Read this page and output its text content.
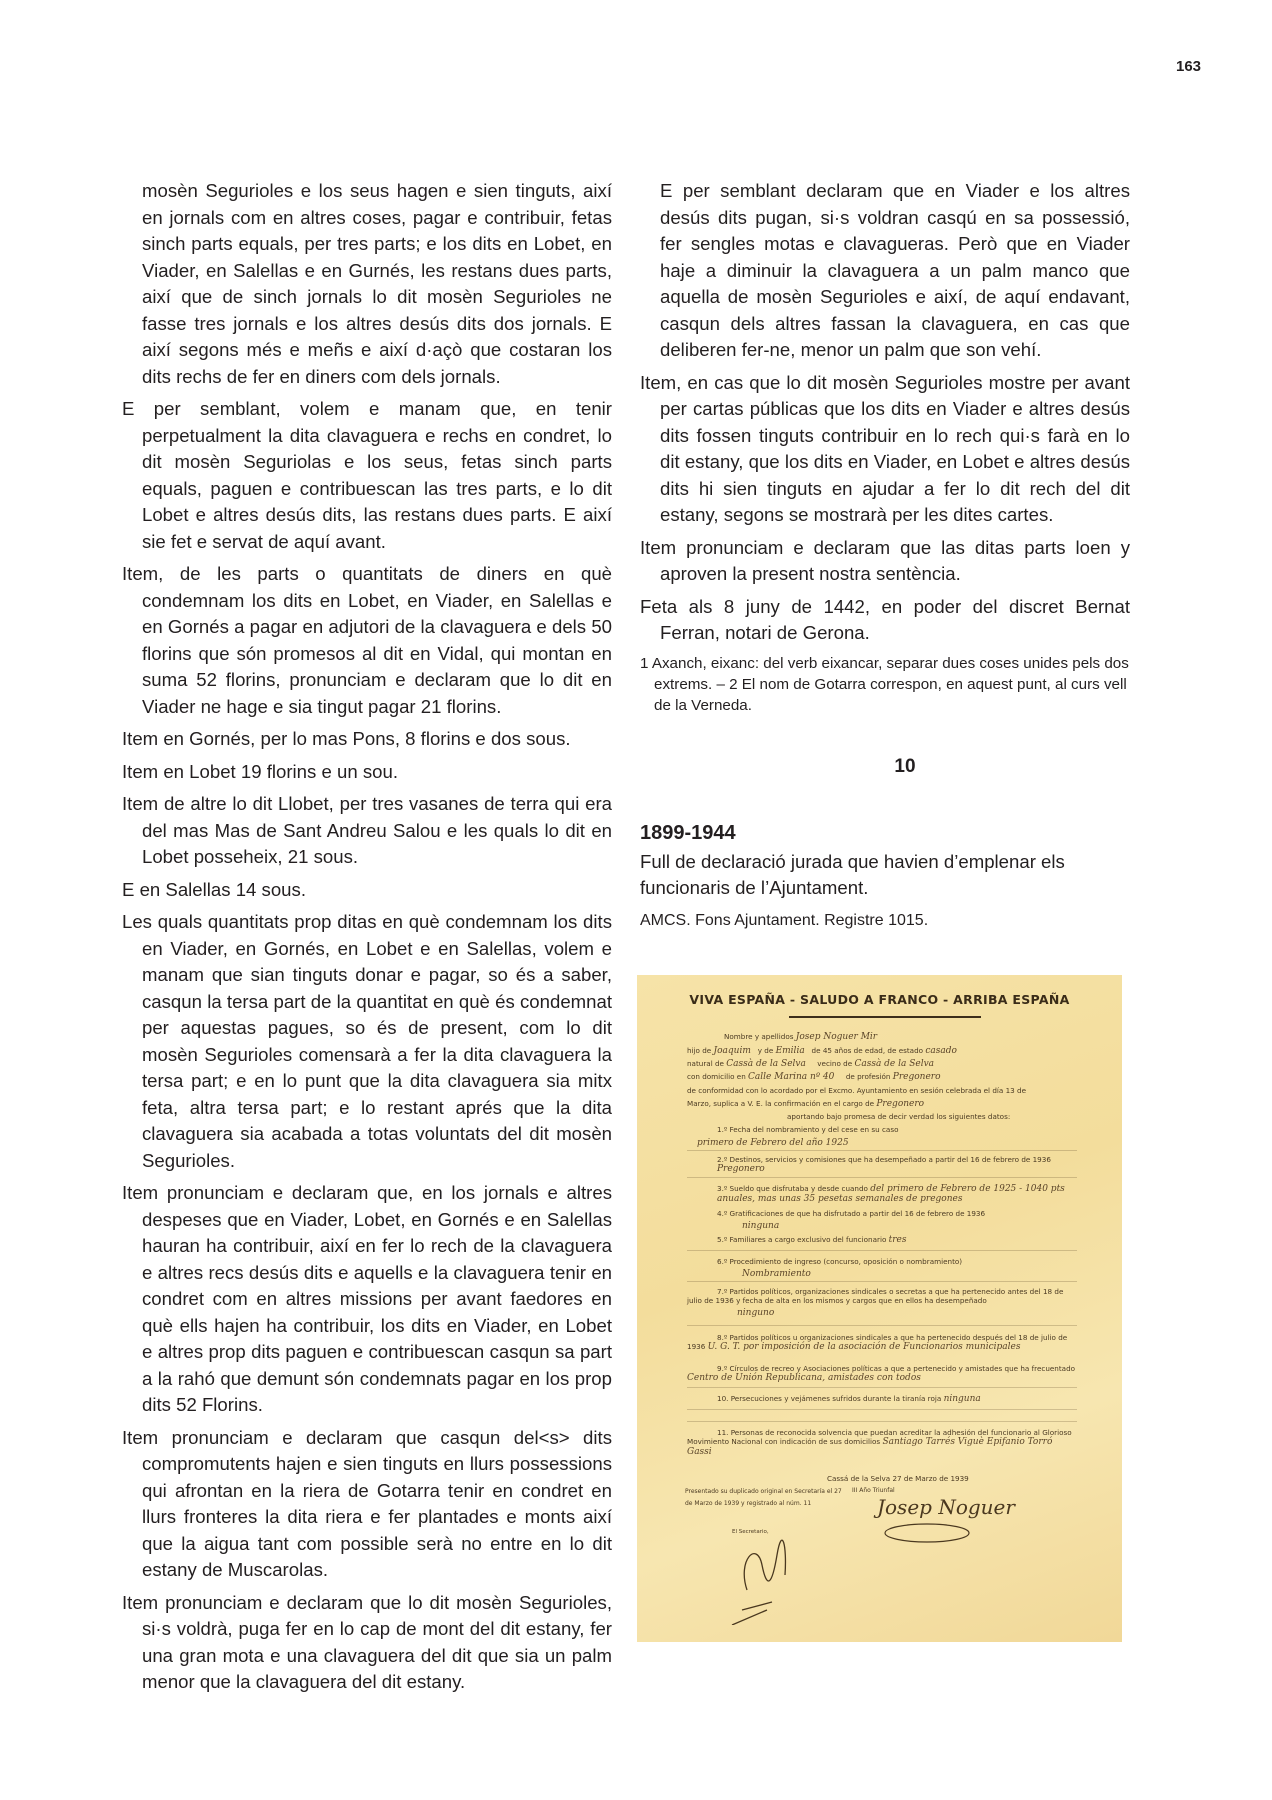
163

mosèn Segurioles e los seus hagen e sien tinguts, així en jornals com en altres coses, pagar e contribuir, fetas sinch parts equals, per tres parts; e los dits en Lobet, en Viader, en Salellas e en Gurnés, les restans dues parts, així que de sinch jornals lo dit mosèn Segurioles ne fasse tres jornals e los altres desús dits dos jornals. E així segons més e meñs e així d·açò que costaran los dits rechs de fer en diners com dels jornals.

E per semblant, volem e manam que, en tenir perpetualment la dita clavaguera e rechs en condret, lo dit mosèn Seguriolas e los seus, fetas sinch parts equals, paguen e contribuescan las tres parts, e lo dit Lobet e altres desús dits, las restans dues parts. E així sie fet e servat de aquí avant.

Item, de les parts o quantitats de diners en què condemnam los dits en Lobet, en Viader, en Salellas e en Gornés a pagar en adjutori de la clavaguera e dels 50 florins que són promesos al dit en Vidal, qui montan en suma 52 florins, pronunciam e declaram que lo dit en Viader ne hage e sia tingut pagar 21 florins.

Item en Gornés, per lo mas Pons, 8 florins e dos sous.

Item en Lobet 19 florins e un sou.

Item de altre lo dit Llobet, per tres vasanes de terra qui era del mas Mas de Sant Andreu Salou e les quals lo dit en Lobet posseheix, 21 sous.

E en Salellas 14 sous.

Les quals quantitats prop ditas en què condemnam los dits en Viader, en Gornés, en Lobet e en Salellas, volem e manam que sian tinguts donar e pagar, so és a saber, casqun la tersa part de la quantitat en què és condemnat per aquestas pagues, so és de present, com lo dit mosèn Segurioles comensarà a fer la dita clavaguera la tersa part; e en lo punt que la dita clavaguera sia mitx feta, altra tersa part; e lo restant aprés que la dita clavaguera sia acabada a totas voluntats del dit mosèn Segurioles.

Item pronunciam e declaram que, en los jornals e altres despeses que en Viader, Lobet, en Gornés e en Salellas hauran ha contribuir, així en fer lo rech de la clavaguera e altres recs desús dits e aquells e la clavaguera tenir en condret com en altres missions per avant faedores en què ells hajen ha contribuir, los dits en Viader, en Lobet e altres prop dits paguen e contribuescan casqun sa part a la rahó que demunt són condemnats pagar en los prop dits 52 Florins.

Item pronunciam e declaram que casqun del<s> dits compromutents hajen e sien tinguts en llurs possessions qui afrontan en la riera de Gotarra tenir en condret en llurs fronteres la dita riera e fer plantades e monts així que la aigua tant com possible serà no entre en lo dit estany de Muscarolas.

Item pronunciam e declaram que lo dit mosèn Segurioles, si·s voldrà, puga fer en lo cap de mont del dit estany, fer una gran mota e una clavaguera del dit que sia un palm menor que la clavaguera del dit estany.

E per semblant declaram que en Viader e los altres desús dits pugan, si·s voldran casqú en sa possessió, fer sengles motas e clavagueras. Però que en Viader haje a diminuir la clavaguera a un palm manco que aquella de mosèn Segurioles e així, de aquí endavant, casqun dels altres fassan la clavaguera, en cas que deliberen fer-ne, menor un palm que son vehí.

Item, en cas que lo dit mosèn Segurioles mostre per avant per cartas públicas que los dits en Viader e altres desús dits fossen tinguts contribuir en lo rech qui·s farà en lo dit estany, que los dits en Viader, en Lobet e altres desús dits hi sien tinguts en ajudar a fer lo dit rech del dit estany, segons se mostrarà per les dites cartes.

Item pronunciam e declaram que las ditas parts loen y aproven la present nostra sentència.

Feta als 8 juny de 1442, en poder del discret Bernat Ferran, notari de Gerona.

1 Axanch, eixanc: del verb eixancar, separar dues coses unides pels dos extrems. – 2 El nom de Gotarra correspon, en aquest punt, al curs vell de la Verneda.

10
1899-1944

Full de declaració jurada que havien d’emplenar els funcionaris de l’Ajuntament.

AMCS. Fons Ajuntament. Registre 1015.

VIVA ESPAÑA - SALUDO A FRANCO - ARRIBA ESPAÑA
Nombre y apellidos Josep Noguer Mir
hijo de Joaquim y de Emilia de 45 años de edad, de estado casado
natural de Cassà de la Selva vecino de Cassà de la Selva
con domicilio en Calle Marina nº 40 de profesión Pregonero
de conformidad con lo acordado por el Excmo. Ayuntamiento en sesión celebrada el día 13 de
Marzo, suplica a V. E. la confirmación en el cargo de Pregonero
aportando bajo promesa de decir verdad los siguientes datos:
1.º Fecha del nombramiento y del cese en su caso
primero de Febrero del año 1925
2.º Destinos, servicios y comisiones que ha desempeñado a partir del 16 de febrero de 1936 Pregonero
3.º Sueldo que disfrutaba y desde cuando del primero de Febrero de 1925 - 1040 pts anuales, mas unas 35 pesetas semanales de pregones
4.º Gratificaciones de que ha disfrutado a partir del 16 de febrero de 1936
ninguna
5.º Familiares a cargo exclusivo del funcionario tres
6.º Procedimiento de ingreso (concurso, oposición o nombramiento)
Nombramiento
7.º Partidos políticos, organizaciones sindicales o secretas a que ha pertenecido antes del 18 de julio de 1936 y fecha de alta en los mismos y cargos que en ellos ha desempeñado
ninguno
8.º Partidos políticos u organizaciones sindicales a que ha pertenecido después del 18 de julio de 1936 U. G. T. por imposición de la asociación de Funcionarios municipales
9.º Círculos de recreo y Asociaciones políticas a que a pertenecido y amistades que ha frecuentado Centro de Unión Republicana, amistades con todos
10. Persecuciones y vejámenes sufridos durante la tiranía roja ninguna
11. Personas de reconocida solvencia que puedan acreditar la adhesión del funcionario al Glorioso Movimiento Nacional con indicación de sus domicilios Santiago Tarrés Viguè Epifanio Torró Gassi
Cassá de la Selva 27 de Marzo de 1939
III Año Triunfal
Presentado su duplicado original en Secretaría el 27 de Marzo de 1939 y registrado al núm. 11
El Secretario,
Josep Noguer
